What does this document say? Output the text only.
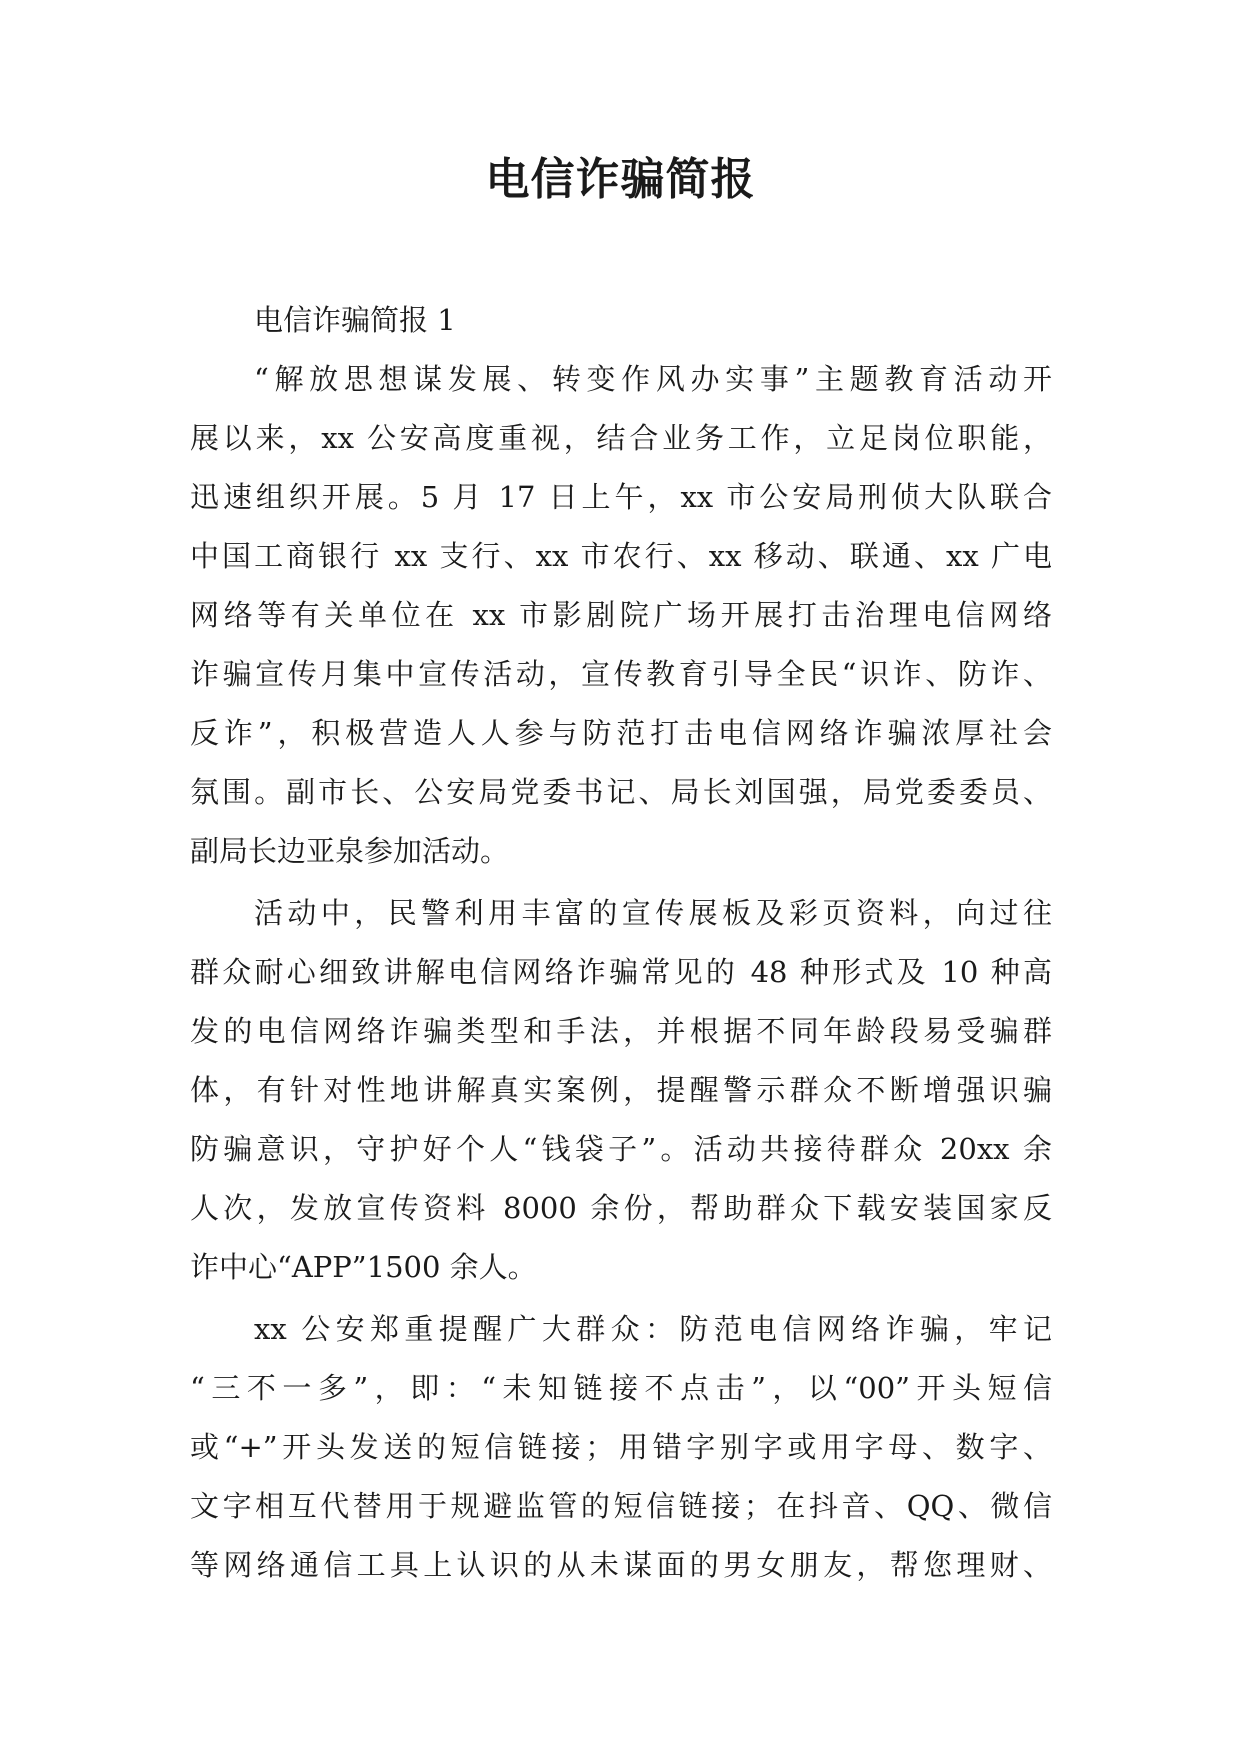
电信诈骗简报

电信诈骗简报 1

“解放思想谋发展、转变作风办实事”主题教育活动开
展以来，xx 公安高度重视，结合业务工作，立足岗位职能，
迅速组织开展。5 月 17 日上午，xx 市公安局刑侦大队联合
中国工商银行 xx 支行、xx 市农行、xx 移动、联通、xx 广电
网络等有关单位在 xx 市影剧院广场开展打击治理电信网络
诈骗宣传月集中宣传活动，宣传教育引导全民“识诈、防诈、
反诈”，积极营造人人参与防范打击电信网络诈骗浓厚社会
氛围。副市长、公安局党委书记、局长刘国强，局党委委员、
副局长边亚泉参加活动。

活动中，民警利用丰富的宣传展板及彩页资料，向过往
群众耐心细致讲解电信网络诈骗常见的 48 种形式及 10 种高
发的电信网络诈骗类型和手法，并根据不同年龄段易受骗群
体，有针对性地讲解真实案例，提醒警示群众不断增强识骗
防骗意识，守护好个人“钱袋子”。活动共接待群众 20xx 余
人次，发放宣传资料 8000 余份，帮助群众下载安装国家反
诈中心“APP”1500 余人。

xx 公安郑重提醒广大群众：防范电信网络诈骗，牢记
“三不一多”，即：“未知链接不点击”，以“00”开头短信
或“+”开头发送的短信链接；用错字别字或用字母、数字、
文字相互代替用于规避监管的短信链接；在抖音、QQ、微信
等网络通信工具上认识的从未谋面的男女朋友，帮您理财、
